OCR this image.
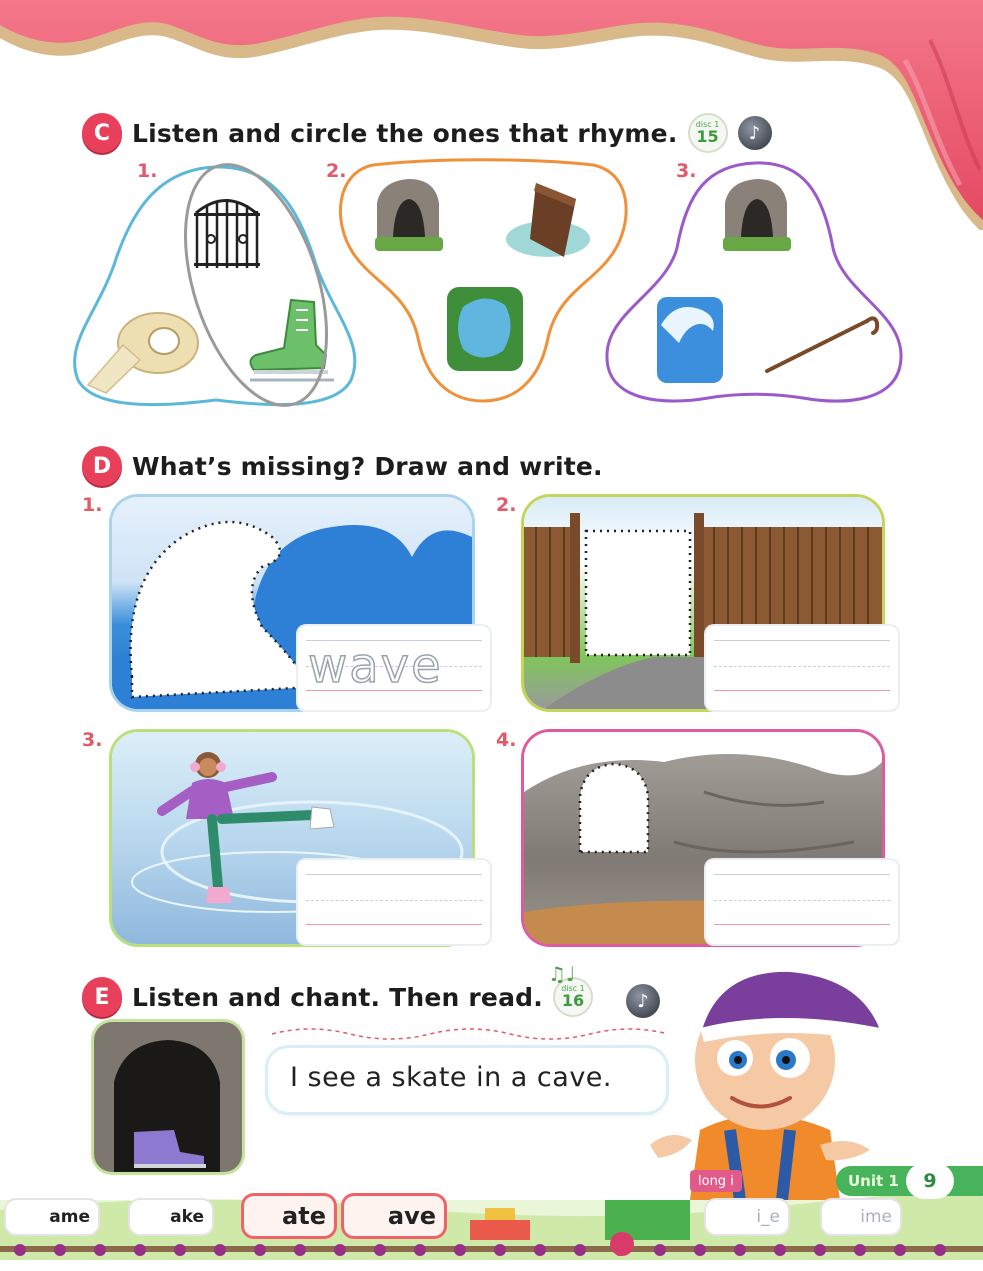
C Listen and circle the ones that rhyme. disc 1
15	♪
1.	2.	3.
D What’s missing? Draw and write.
1.	2.
3.	4.
wave
E Listen and chant. Then read. disc 1
16
♫♩
♪
I see a skate in a cave.
ame	ake	ate	ave	i_e	ime
long i	Unit 1	9
